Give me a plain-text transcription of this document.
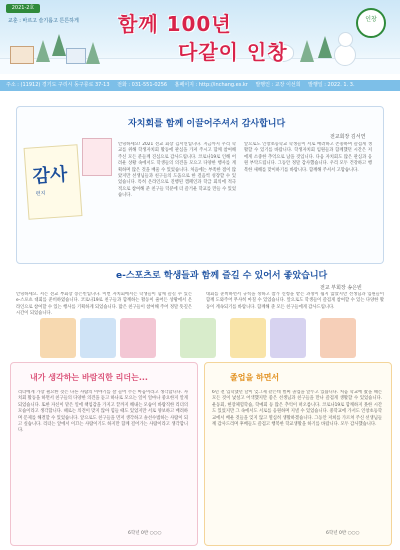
2021-2호
교훈 : 바르고 슬기롭고 튼튼하게 함께 100년
다같이 인창
인창
주소 : (11912) 경기도 구리시 동구릉로 37-13 전화 : 031-551-0256 홈페이지 : http://inchang.es.kr 발행인 : 교장 이선희 발행일 : 2022. 1. 3.
자치회를 함께 이끌어주셔서 감사합니다
전교회장 김서연
감사
편지
안녕하세요! 2021 전교 회장 김서연입니다. 지금까지 우리 학교를 위해 학생자치회 활동에 관심을 가져 주시고 함께 참여해 주신 모든 분들께 진심으로 감사드립니다. 코로나19로 인해 어려운 상황 속에서도 학생들의 의견을 모으고 다양한 행사를 계획하며 많은 것을 배울 수 있었습니다. 처음에는 부족한 점이 많았지만 선생님들과 친구들의 도움으로 한 걸음씩 성장할 수 있었습니다. 특히 온라인으로 진행된 캠페인과 학급 회의에 적극적으로 참여해 준 친구들 덕분에 더 즐거운 학교를 만들 수 있었습니다.
앞으로도 인창초등학교 학생들이 서로 배려하고 존중하며 즐겁게 생활할 수 있기를 바랍니다. 학생자치회 임원들과 함께했던 시간은 저에게 소중한 추억으로 남을 것입니다. 다음 자치회도 많은 관심과 응원 부탁드립니다. 그동안 정말 감사했습니다. 우리 모두 건강하고 행복한 새해를 맞이하기를 바랍니다. 함께해 주셔서 고맙습니다.
e-스포츠로 학생들과 함께 즐길 수 있어서 좋았습니다
전교 부회장 송은빈
안녕하세요. 저는 전교 부회장 송은빈입니다. 이번 자치회에서는 학생들이 함께 즐길 수 있는 e-스포츠 대회를 준비하였습니다. 코로나19로 친구들과 함께하는 활동이 줄어든 상황에서 온라인으로 참여할 수 있는 행사를 기획하게 되었습니다. 많은 친구들이 참여해 주어 정말 뜻깊은 시간이 되었습니다.
대회를 준비하면서 규칙을 정하고 참가 신청을 받는 과정이 쉽지 않았지만 선생님과 임원들이 함께 도와주어 무사히 마칠 수 있었습니다. 앞으로도 학생들이 즐겁게 참여할 수 있는 다양한 활동이 계속되기를 바랍니다. 함께해 준 모든 친구들에게 감사드립니다.
내가 생각하는 바람직한 리더는...
리더에게 가장 필요한 것은 다른 사람의 이야기를 잘 들어 주는 마음이라고 생각합니다. 자치회 활동을 하면서 친구들의 다양한 의견을 듣고 하나로 모으는 일이 얼마나 중요한지 알게 되었습니다. 또한 자신이 맡은 일에 책임감을 가지고 끝까지 해내는 모습이 바람직한 리더의 모습이라고 생각합니다. 때로는 의견이 맞지 않아 힘들 때도 있었지만 서로 양보하고 배려하며 문제를 해결할 수 있었습니다. 앞으로도 친구들을 먼저 생각하고 솔선수범하는 사람이 되고 싶습니다. 리더는 앞에서 이끄는 사람이기도 하지만 함께 걸어가는 사람이라고 생각합니다.
6학년 0반 ○○○
졸업을 하면서
6년 전 입학했던 날이 엊그제 같은데 벌써 졸업을 앞두고 있습니다. 처음 학교에 왔을 때는 모든 것이 낯설고 어색했지만 좋은 선생님과 친구들을 만나 즐겁게 생활할 수 있었습니다. 운동회, 현장체험학습, 학예회 등 많은 추억이 떠오릅니다. 코로나19로 함께하지 못한 시간도 있었지만 그 속에서도 서로를 응원하며 지낼 수 있었습니다. 중학교에 가서도 인창초등학교에서 배운 것들을 잊지 않고 열심히 생활하겠습니다. 그동안 저희를 가르쳐 주신 선생님들께 감사드리며 후배들도 즐겁고 행복한 학교생활을 하기를 바랍니다. 모두 감사했습니다.
6학년 0반 ○○○
